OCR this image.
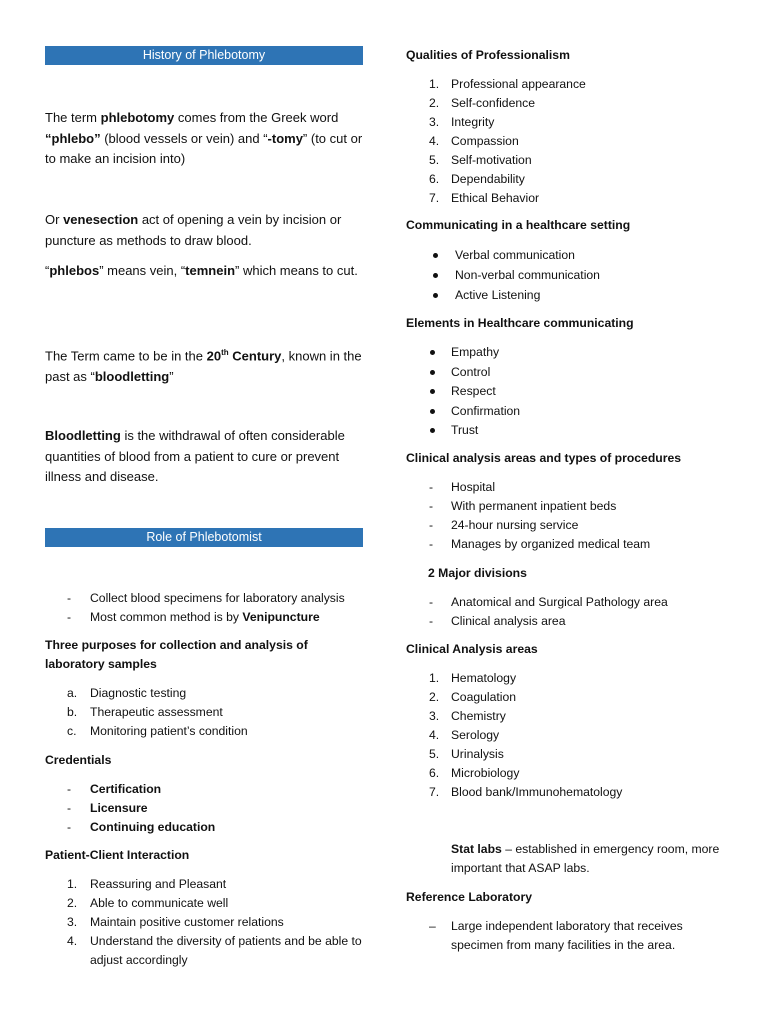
History of Phlebotomy
The term phlebotomy comes from the Greek word “phlebo” (blood vessels or vein) and “-tomy” (to cut or to make an incision into)
Or venesection act of opening a vein by incision or puncture as methods to draw blood.
“phlebos” means vein, “temnein” which means to cut.
The Term came to be in the 20th Century, known in the past as “bloodletting”
Bloodletting is the withdrawal of often considerable quantities of blood from a patient to cure or prevent illness and disease.
Role of Phlebotomist
-	Collect blood specimens for laboratory analysis
-	Most common method is by Venipuncture
Three purposes for collection and analysis of laboratory samples
a.	Diagnostic testing
b.	Therapeutic assessment
c.	Monitoring patient’s condition
Credentials
-	Certification
-	Licensure
-	Continuing education
Patient-Client Interaction
1.	Reassuring and Pleasant
2.	Able to communicate well
3.	Maintain positive customer relations
4.	Understand the diversity of patients and be able to adjust accordingly
Qualities of Professionalism
1. Professional appearance
2. Self-confidence
3. Integrity
4. Compassion
5. Self-motivation
6. Dependability
7. Ethical Behavior
Communicating in a healthcare setting
Verbal communication
Non-verbal communication
Active Listening
Elements in Healthcare communicating
Empathy
Control
Respect
Confirmation
Trust
Clinical analysis areas and types of procedures
-	Hospital
-	With permanent inpatient beds
-	24-hour nursing service
-	Manages by organized medical team
2 Major divisions
-	Anatomical and Surgical Pathology area
-	Clinical analysis area
Clinical Analysis areas
1. Hematology
2. Coagulation
3. Chemistry
4. Serology
5. Urinalysis
6. Microbiology
7. Blood bank/Immunohematology
Stat labs – established in emergency room, more important that ASAP labs.
Reference Laboratory
–	Large independent laboratory that receives specimen from many facilities in the area.
